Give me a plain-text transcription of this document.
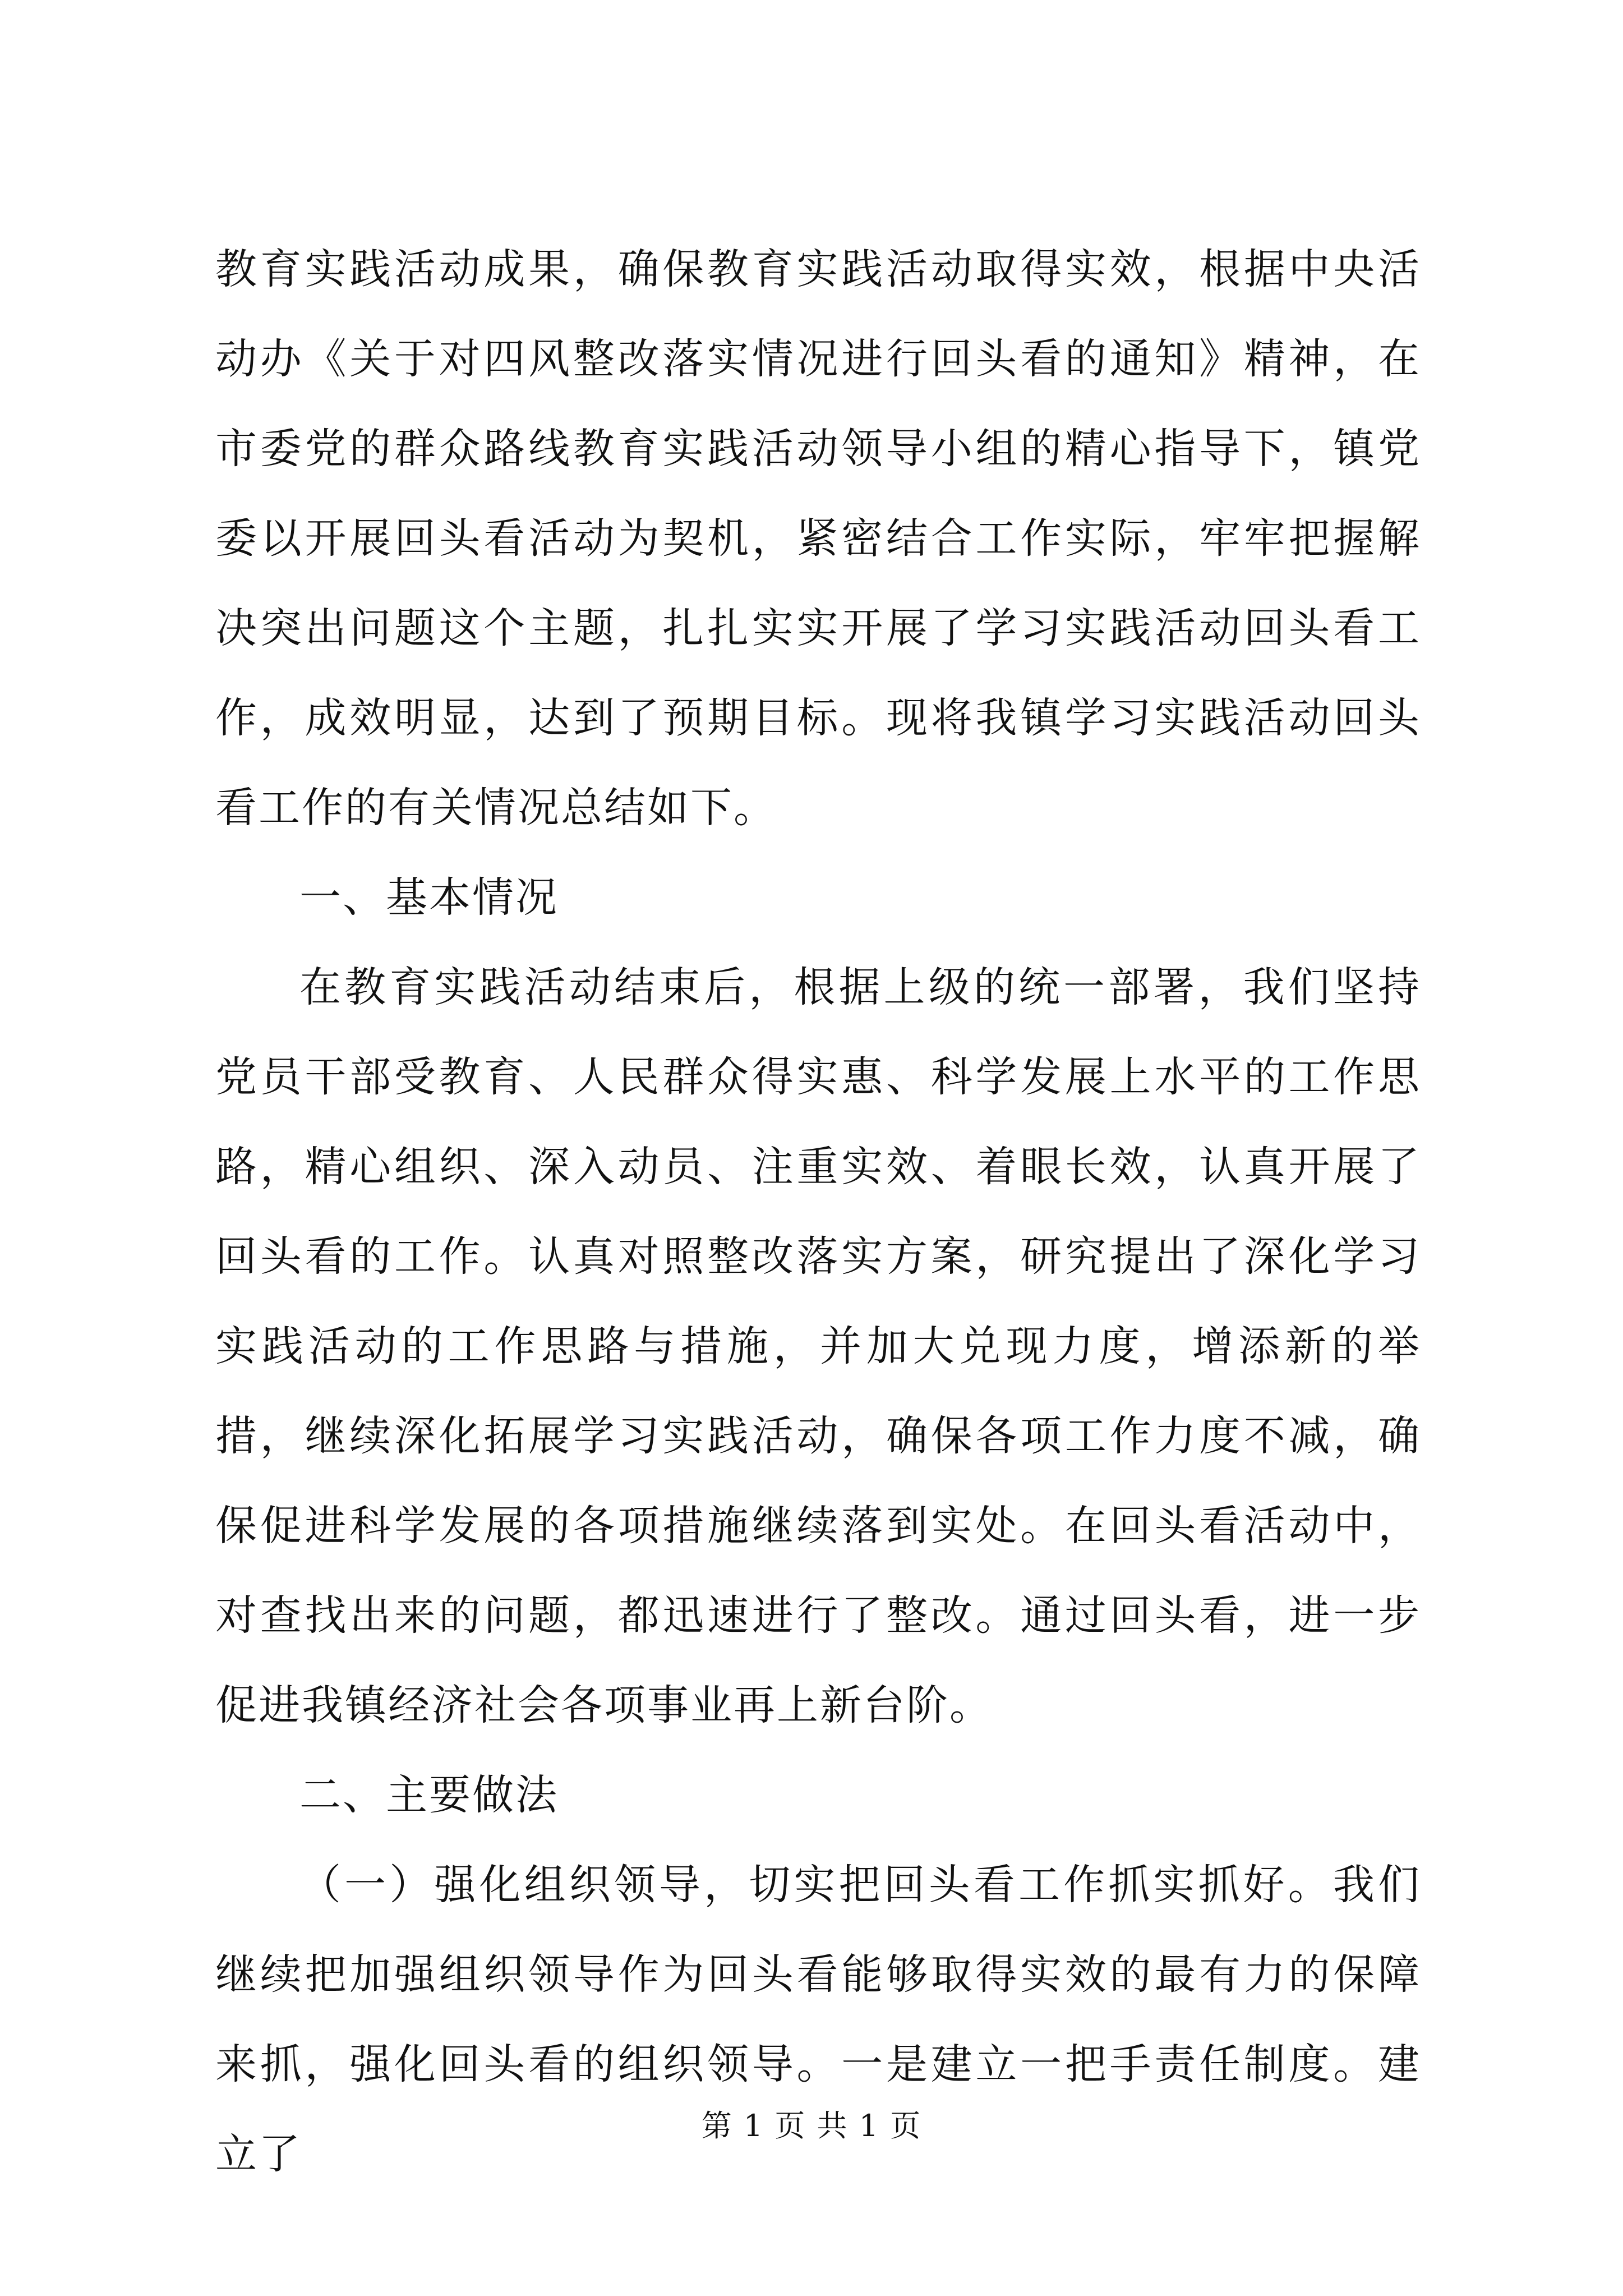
教育实践活动成果，确保教育实践活动取得实效，根据中央活动办《关于对四风整改落实情况进行回头看的通知》精神，在市委党的群众路线教育实践活动领导小组的精心指导下，镇党委以开展回头看活动为契机，紧密结合工作实际，牢牢把握解决突出问题这个主题，扎扎实实开展了学习实践活动回头看工作，成效明显，达到了预期目标。现将我镇学习实践活动回头看工作的有关情况总结如下。

一、基本情况

在教育实践活动结束后，根据上级的统一部署，我们坚持党员干部受教育、人民群众得实惠、科学发展上水平的工作思路，精心组织、深入动员、注重实效、着眼长效，认真开展了回头看的工作。认真对照整改落实方案，研究提出了深化学习实践活动的工作思路与措施，并加大兑现力度，增添新的举措，继续深化拓展学习实践活动，确保各项工作力度不减，确保促进科学发展的各项措施继续落到实处。在回头看活动中，对查找出来的问题，都迅速进行了整改。通过回头看，进一步促进我镇经济社会各项事业再上新台阶。

二、主要做法

（一）强化组织领导，切实把回头看工作抓实抓好。我们继续把加强组织领导作为回头看能够取得实效的最有力的保障来抓，强化回头看的组织领导。一是建立一把手责任制度。建立了

第 1 页 共 1 页
